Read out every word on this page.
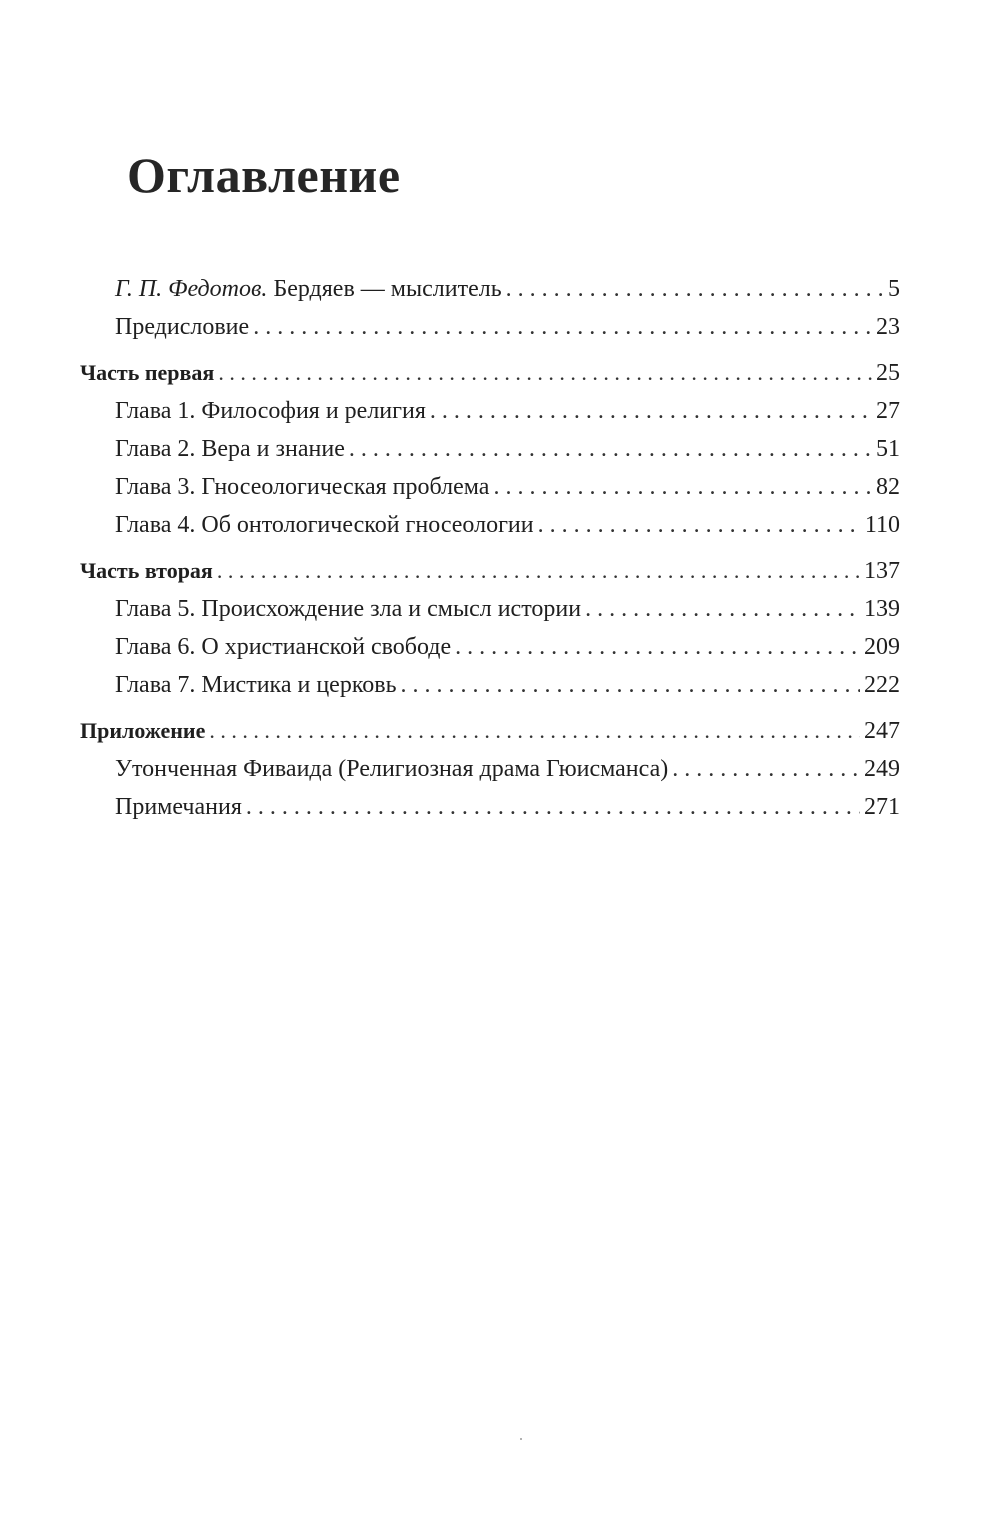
Оглавление
Г. П. Федотов. Бердяев — мыслитель . . .	5
Предисловие . . .	23
Часть первая . . .	25
Глава 1. Философия и религия . . .	27
Глава 2. Вера и знание . . .	51
Глава 3. Гносеологическая проблема . . .	82
Глава 4. Об онтологической гносеологии . . .	110
Часть вторая . . .	137
Глава 5. Происхождение зла и смысл истории . . .	139
Глава 6. О христианской свободе . . .	209
Глава 7. Мистика и церковь . . .	222
Приложение . . .	247
Утонченная Фиваида (Религиозная драма Гюисманса) . . .	249
Примечания . . .	271
